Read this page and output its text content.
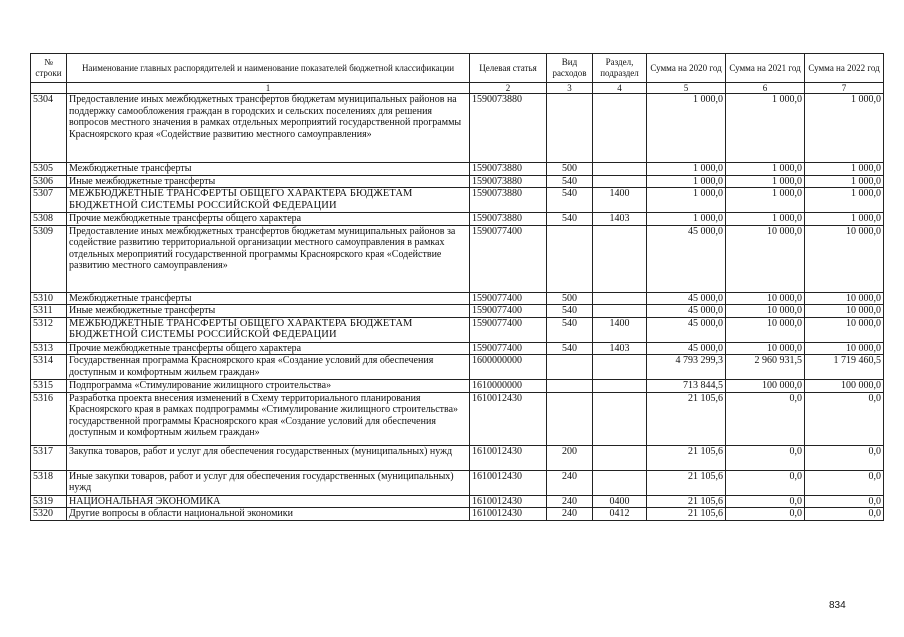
№ строки	Наименование главных распорядителей и наименование показателей бюджетной классификации	Целевая статья	Вид расходов	Раздел, подраздел	Сумма на 2020 год	Сумма на 2021 год	Сумма на 2022 год
	1	2	3	4	5	6	7
5304	Предоставление иных межбюджетных трансфертов бюджетам муниципальных районов на поддержку самообложения граждан в городских и сельских поселениях для решения вопросов местного значения в рамках отдельных мероприятий государственной программы Красноярского края «Содействие развитию местного самоуправления»	1590073880			1 000,0	1 000,0	1 000,0
5305	Межбюджетные трансферты	1590073880	500		1 000,0	1 000,0	1 000,0
5306	Иные межбюджетные трансферты	1590073880	540		1 000,0	1 000,0	1 000,0
5307	МЕЖБЮДЖЕТНЫЕ ТРАНСФЕРТЫ ОБЩЕГО ХАРАКТЕРА БЮДЖЕТАМ БЮДЖЕТНОЙ СИСТЕМЫ РОССИЙСКОЙ ФЕДЕРАЦИИ	1590073880	540	1400	1 000,0	1 000,0	1 000,0
5308	Прочие межбюджетные трансферты общего характера	1590073880	540	1403	1 000,0	1 000,0	1 000,0
5309	Предоставление иных межбюджетных трансфертов бюджетам муниципальных районов за содействие развитию территориальной организации местного самоуправления в рамках отдельных мероприятий государственной программы Красноярского края «Содействие развитию местного самоуправления»	1590077400			45 000,0	10 000,0	10 000,0
5310	Межбюджетные трансферты	1590077400	500		45 000,0	10 000,0	10 000,0
5311	Иные межбюджетные трансферты	1590077400	540		45 000,0	10 000,0	10 000,0
5312	МЕЖБЮДЖЕТНЫЕ ТРАНСФЕРТЫ ОБЩЕГО ХАРАКТЕРА БЮДЖЕТАМ БЮДЖЕТНОЙ СИСТЕМЫ РОССИЙСКОЙ ФЕДЕРАЦИИ	1590077400	540	1400	45 000,0	10 000,0	10 000,0
5313	Прочие межбюджетные трансферты общего характера	1590077400	540	1403	45 000,0	10 000,0	10 000,0
5314	Государственная программа Красноярского края «Создание условий для обеспечения доступным и комфортным жильем граждан»	1600000000			4 793 299,3	2 960 931,5	1 719 460,5
5315	Подпрограмма «Стимулирование жилищного строительства»	1610000000			713 844,5	100 000,0	100 000,0
5316	Разработка проекта внесения изменений в Схему территориального планирования Красноярского края в рамках подпрограммы «Стимулирование жилищного строительства» государственной программы Красноярского края «Создание условий для обеспечения доступным и комфортным жильем граждан»	1610012430			21 105,6	0,0	0,0
5317	Закупка товаров, работ и услуг для обеспечения государственных (муниципальных) нужд	1610012430	200		21 105,6	0,0	0,0
5318	Иные закупки товаров, работ и услуг для обеспечения государственных (муниципальных) нужд	1610012430	240		21 105,6	0,0	0,0
5319	НАЦИОНАЛЬНАЯ ЭКОНОМИКА	1610012430	240	0400	21 105,6	0,0	0,0
5320	Другие вопросы в области национальной экономики	1610012430	240	0412	21 105,6	0,0	0,0
834
